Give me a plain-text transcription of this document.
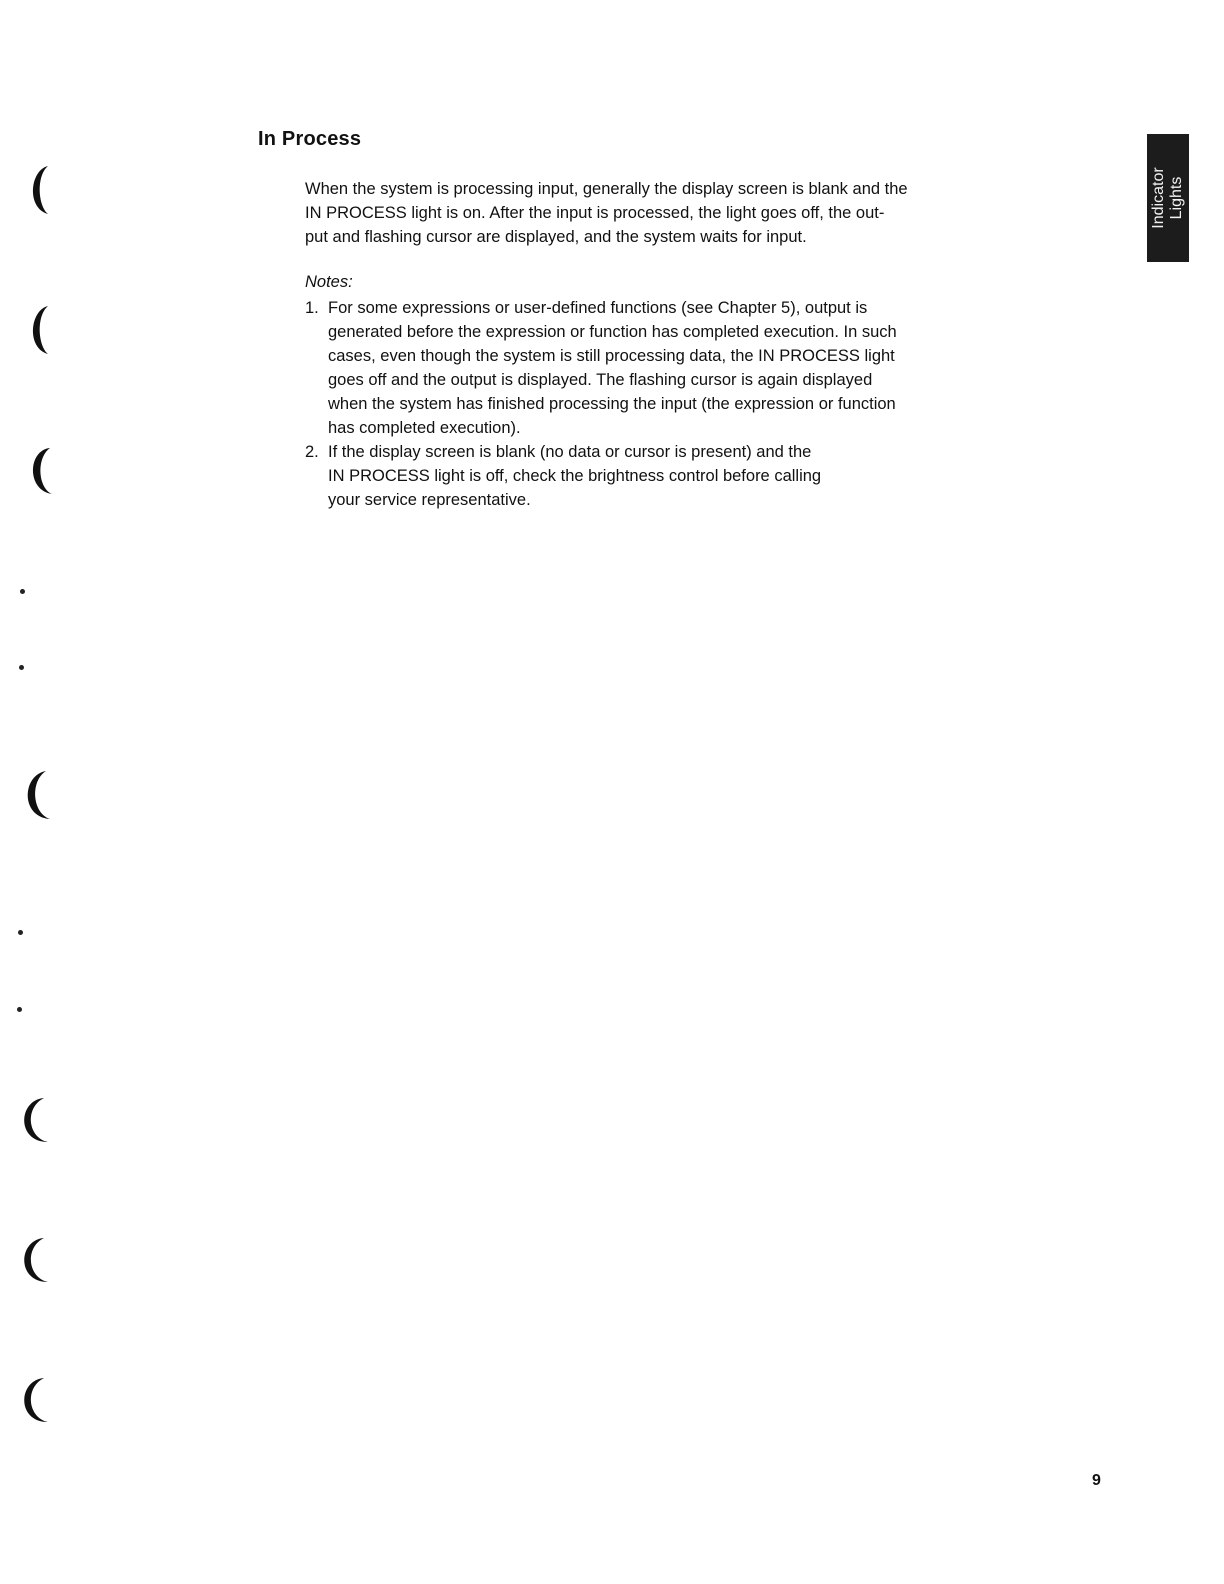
In Process

When the system is processing input, generally the display screen is blank and the
IN PROCESS light is on. After the input is processed, the light goes off, the out-
put and flashing cursor are displayed, and the system waits for input.

Notes:

1. For some expressions or user-defined functions (see Chapter 5), output is
generated before the expression or function has completed execution. In such
cases, even though the system is still processing data, the IN PROCESS light
goes off and the output is displayed. The flashing cursor is again displayed
when the system has finished processing the input (the expression or function
has completed execution).
2. If the display screen is blank (no data or cursor is present) and the
IN PROCESS light is off, check the brightness control before calling
your service representative.
Indicator Lights

9
